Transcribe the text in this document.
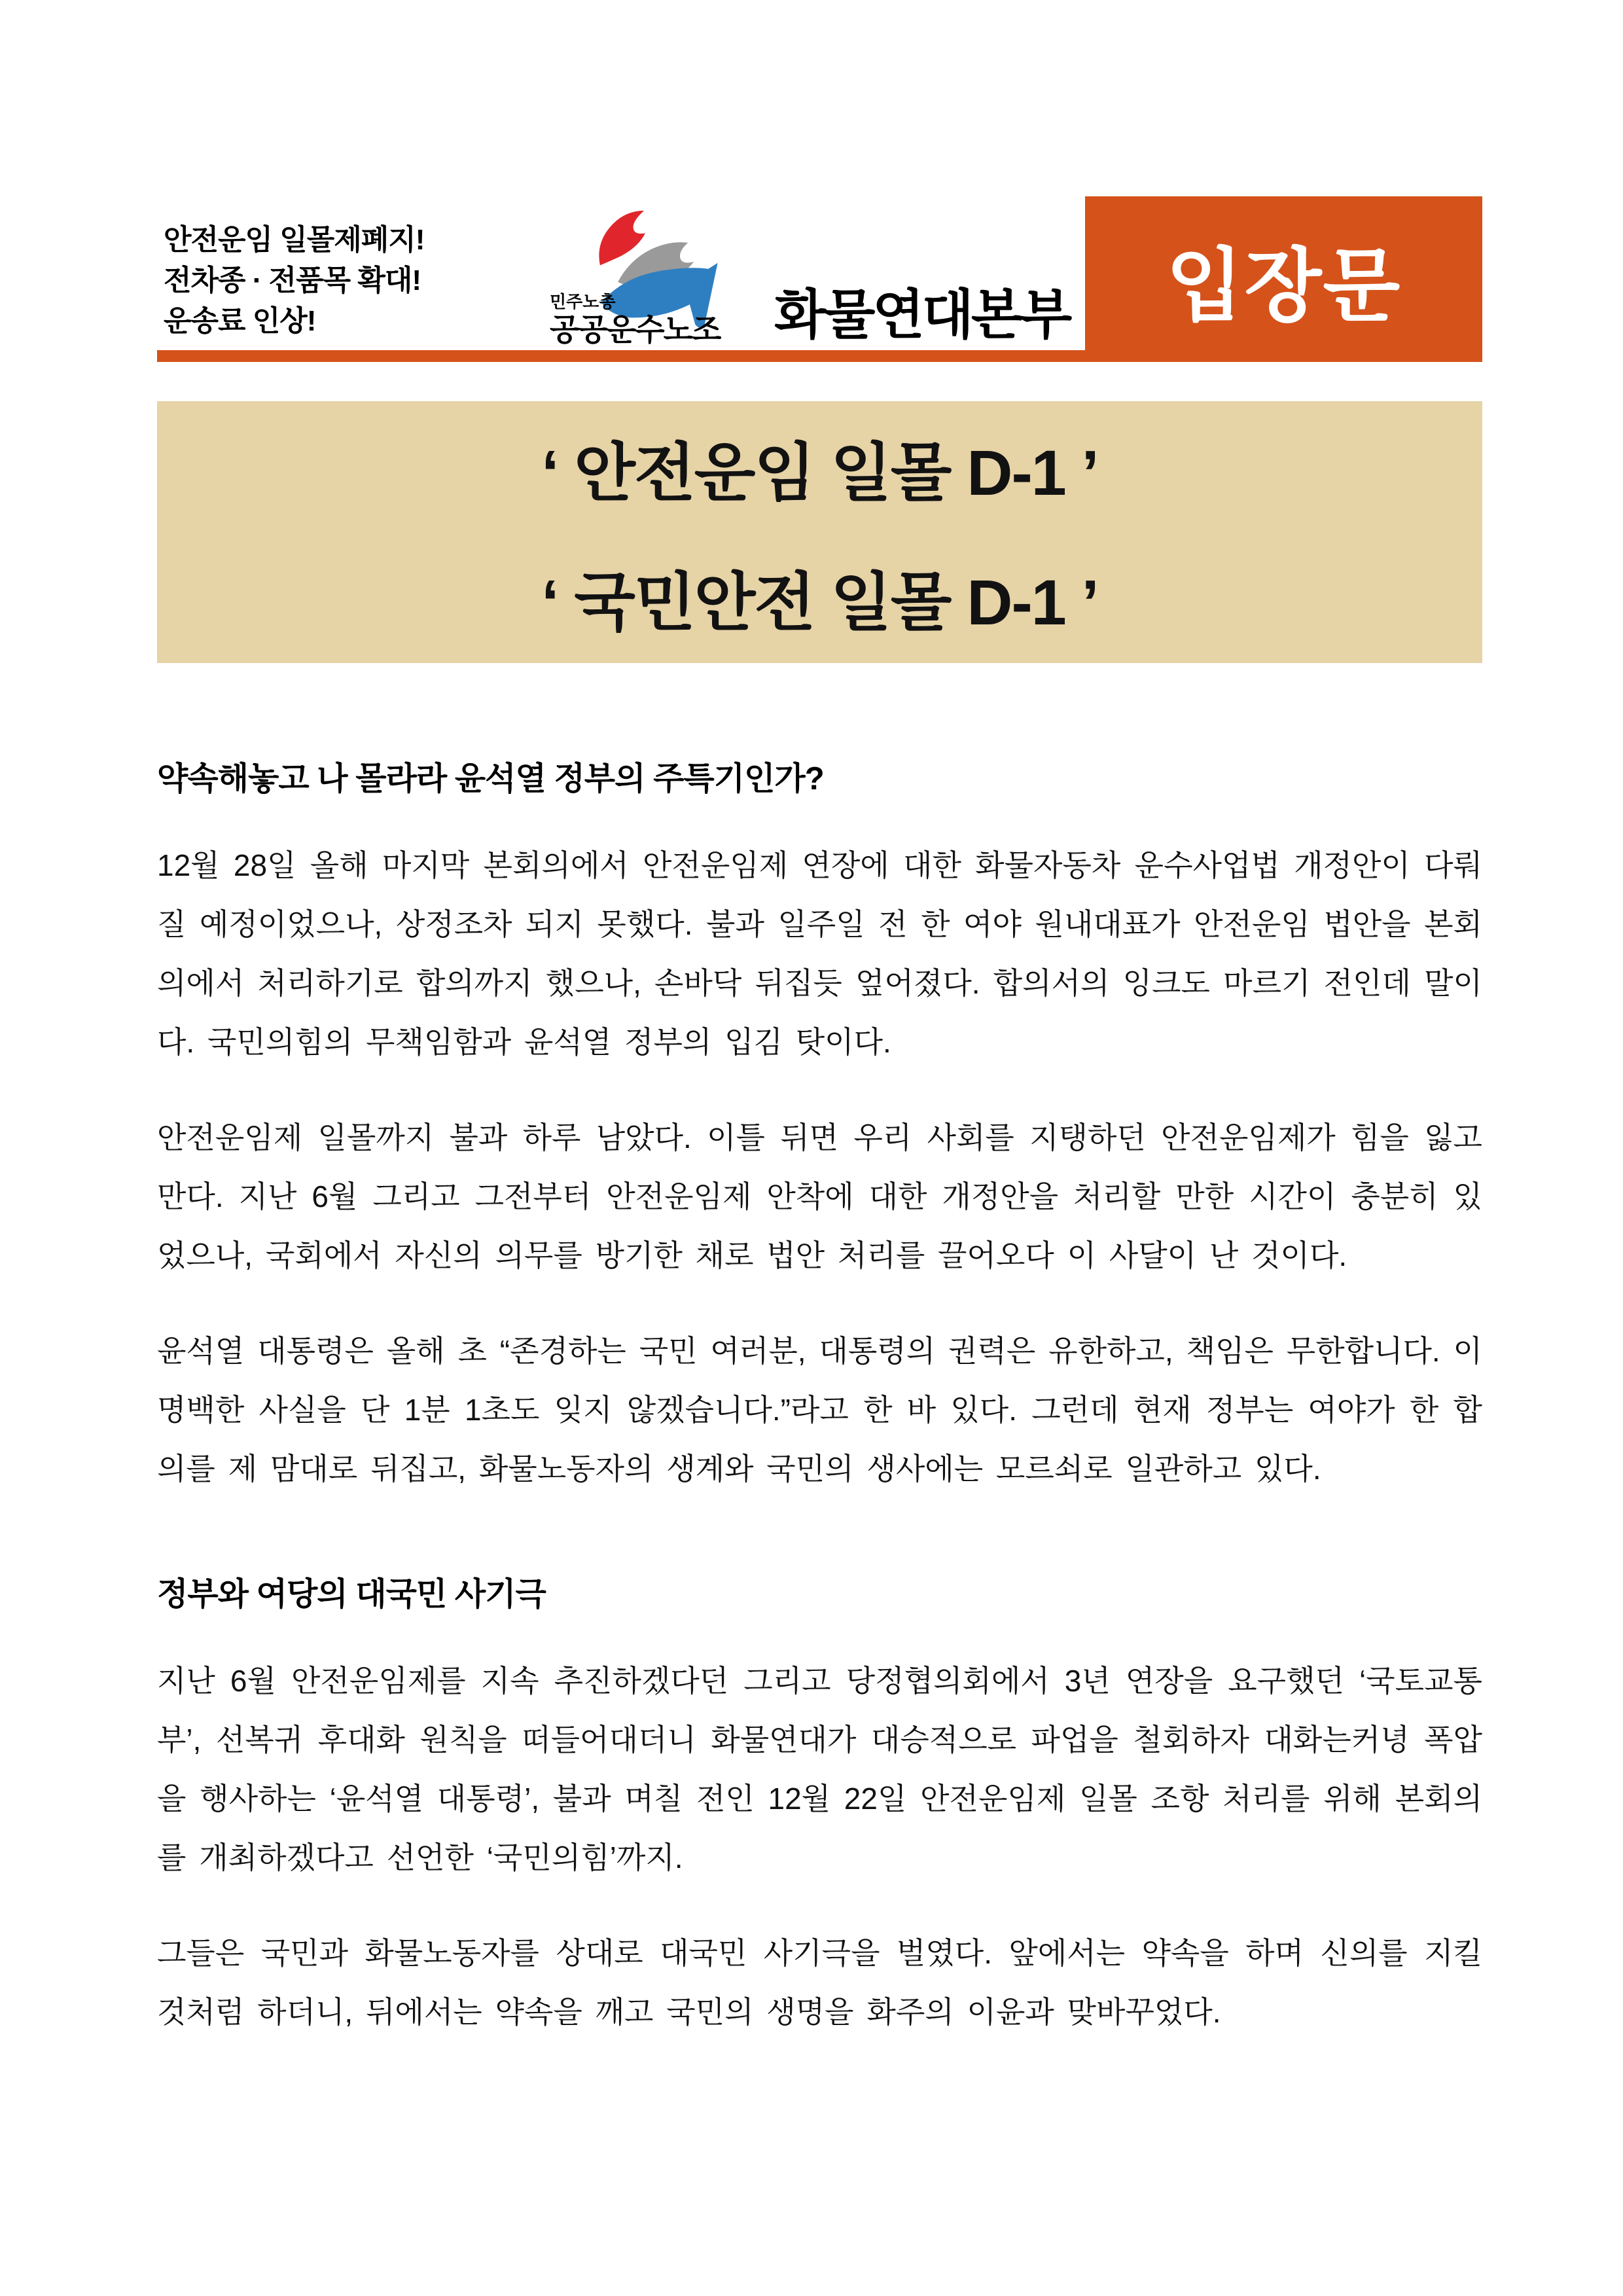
안전운임 일몰제폐지!
전차종 · 전품목 확대!
운송료 인상!
민주노총
공공운수노조 화물연대본부	입장문
‘ 안전운임 일몰 D-1 ’
‘ 국민안전 일몰 D-1 ’
약속해놓고 나 몰라라 윤석열 정부의 주특기인가?

12월 28일 올해 마지막 본회의에서 안전운임제 연장에 대한 화물자동차 운수사업법 개정안이 다뤄질 예정이었으나, 상정조차 되지 못했다. 불과 일주일 전 한 여야 원내대표가 안전운임 법안을 본회의에서 처리하기로 합의까지 했으나, 손바닥 뒤집듯 엎어졌다. 합의서의 잉크도 마르기 전인데 말이다. 국민의힘의 무책임함과 윤석열 정부의 입김 탓이다.

안전운임제 일몰까지 불과 하루 남았다. 이틀 뒤면 우리 사회를 지탱하던 안전운임제가 힘을 잃고 만다. 지난 6월 그리고 그전부터 안전운임제 안착에 대한 개정안을 처리할 만한 시간이 충분히 있었으나, 국회에서 자신의 의무를 방기한 채로 법안 처리를 끌어오다 이 사달이 난 것이다.

윤석열 대통령은 올해 초 “존경하는 국민 여러분, 대통령의 권력은 유한하고, 책임은 무한합니다. 이 명백한 사실을 단 1분 1초도 잊지 않겠습니다.”라고 한 바 있다. 그런데 현재 정부는 여야가 한 합의를 제 맘대로 뒤집고, 화물노동자의 생계와 국민의 생사에는 모르쇠로 일관하고 있다.

정부와 여당의 대국민 사기극

지난 6월 안전운임제를 지속 추진하겠다던 그리고 당정협의회에서 3년 연장을 요구했던 ‘국토교통부’, 선복귀 후대화 원칙을 떠들어대더니 화물연대가 대승적으로 파업을 철회하자 대화는커녕 폭압을 행사하는 ‘윤석열 대통령’, 불과 며칠 전인 12월 22일 안전운임제 일몰 조항 처리를 위해 본회의를 개최하겠다고 선언한 ‘국민의힘’까지.

그들은 국민과 화물노동자를 상대로 대국민 사기극을 벌였다. 앞에서는 약속을 하며 신의를 지킬 것처럼 하더니, 뒤에서는 약속을 깨고 국민의 생명을 화주의 이윤과 맞바꾸었다.
